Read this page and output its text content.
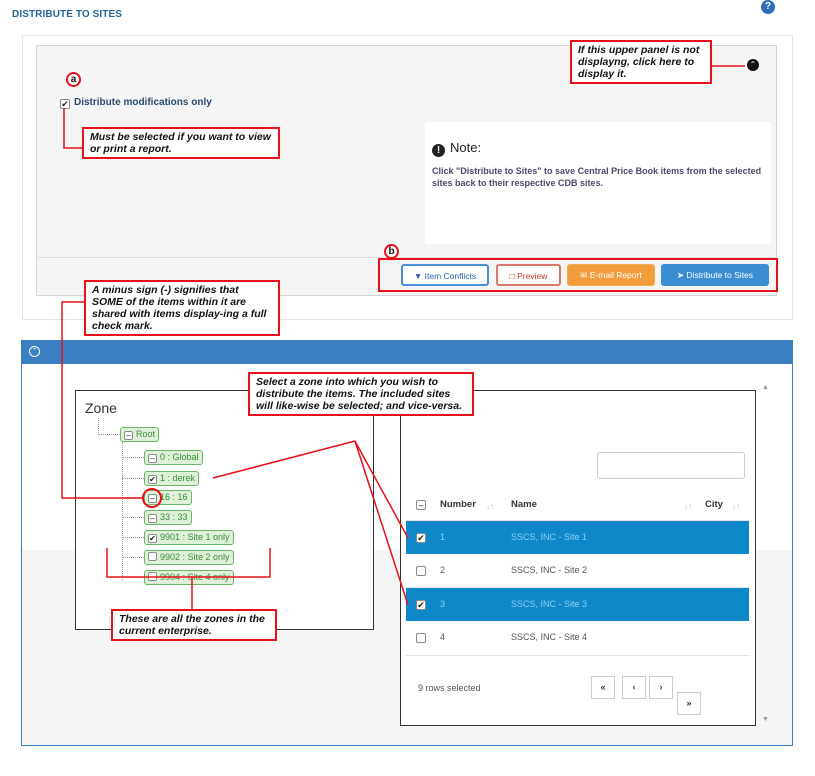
DISTRIBUTE TO SITES
?
⌃
✔ Distribute modifications only
! Note:
Click "Distribute to Sites" to save Central Price Book items from the selected sites back to their respective CDB sites.
▼ Item Conflicts	□ Preview	✉ E-mail Report	➤ Distribute to Sites
⌃
▲
▼
Zone
– Root
– 0 : Global
✔ 1 : derek
– 16 : 16
– 33 : 33
✔ 9901 : Site 1 only
9902 : Site 2 only
9904 : Site 4 only
– Number ↓↑ Name	↓↑ City ↓↑
✔ 1	SSCS, INC - Site 1
2	SSCS, INC - Site 2
✔ 3	SSCS, INC - Site 3
4	SSCS, INC - Site 4
9 rows selected	«	‹	›
»
If this upper panel is not displayng, click here to display it.
Must be selected if you want to view or print a report.
A minus sign (-) signifies that SOME of the items within it are shared with items display-ing a full check mark.
Select a zone into which you wish to distribute the items. The included sites will like-wise be selected; and vice-versa.
These are all the zones in the current enterprise.
a
b
